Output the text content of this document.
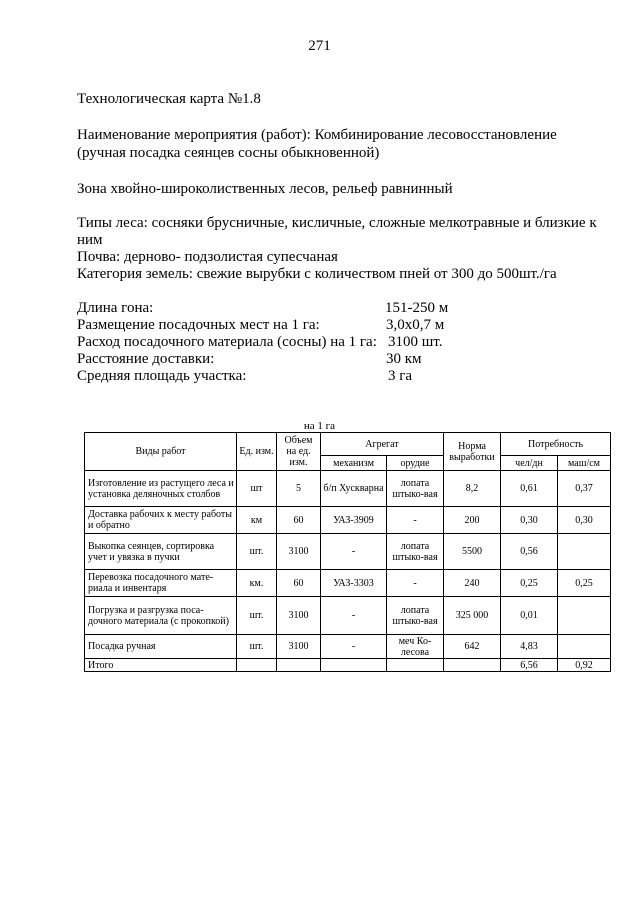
271
Технологическая карта №1.8
Наименование мероприятия (работ): Комбинирование лесовосстановление
(ручная посадка сеянцев сосны обыкновенной)
Зона хвойно-широколиственных лесов, рельеф равнинный
Типы леса: сосняки брусничные, кисличные, сложные мелкотравные и близкие к
ним
Почва: дерново- подзолистая супесчаная
Категория земель: свежие вырубки с количеством пней от 300 до 500шт./га
Длина гона:	151-250 м
Размещение посадочных мест на 1 га:	3,0х0,7 м
Расход посадочного материала (сосны) на 1 га: 3100 шт.
Расстояние доставки:	30 км
Средняя площадь участка:	3 га
на 1 га
Виды работ	Ед. изм.	Объем на ед. изм.	Агрегат		Норма выработки	Потребность	
			механизм	орудие		чел/дн	маш/см
Изготовление из растущего леса и установка деляночных столбов	шт	5	б/п Хускварна	лопата штыко-вая	8,2	0,61	0,37
Доставка рабочих к месту работы и обратно	км	60	УАЗ-3909	-	200	0,30	0,30
Выкопка сеянцев, сортировка учет и увязка в пучки	шт.	3100	-	лопата штыко-вая	5500	0,56	
Перевозка посадочного мате-риала и инвентаря	км.	60	УАЗ-3303	-	240	0,25	0,25
Погрузка и разгрузка поса-дочного материала (с прокопкой)	шт.	3100	-	лопата штыко-вая	325 000	0,01	
Посадка ручная	шт.	3100	-	меч Ко-лесова	642	4,83	
Итого						6,56	0,92
